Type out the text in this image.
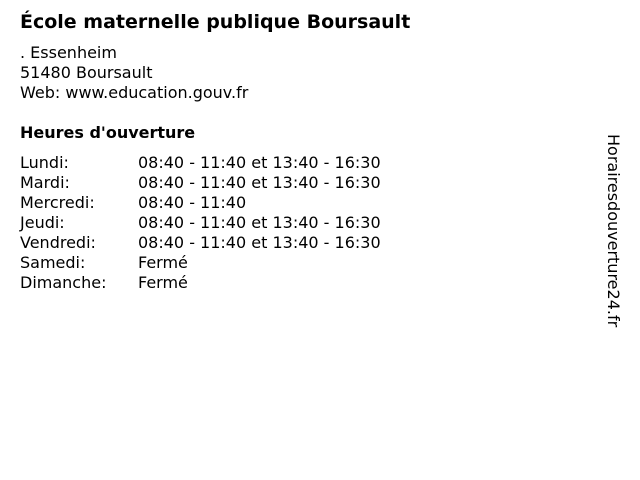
École maternelle publique Boursault
. Essenheim
51480 Boursault
Web: www.education.gouv.fr
Heures d'ouverture
Lundi:	08:40 - 11:40 et 13:40 - 16:30
Mardi:	08:40 - 11:40 et 13:40 - 16:30
Mercredi:	08:40 - 11:40
Jeudi:	08:40 - 11:40 et 13:40 - 16:30
Vendredi:	08:40 - 11:40 et 13:40 - 16:30
Samedi:	Fermé
Dimanche:	Fermé	Horairesdouverture24.fr
